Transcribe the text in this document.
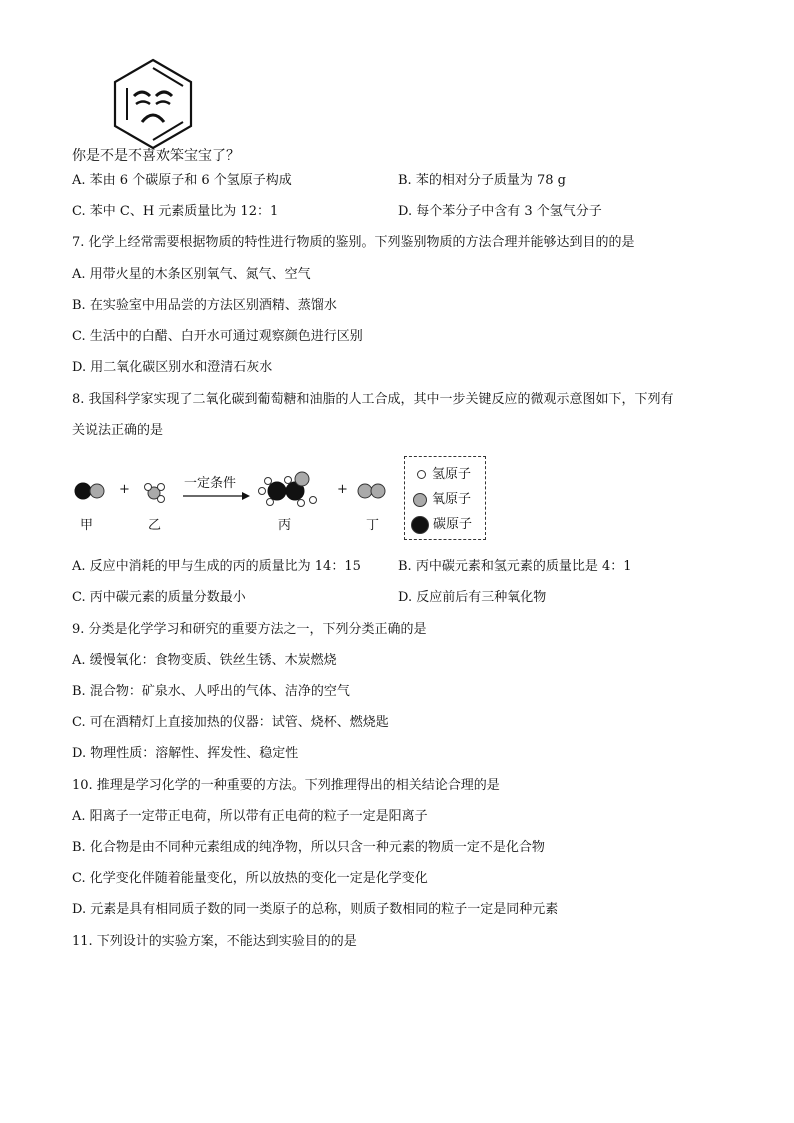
你是不是不喜欢笨宝宝了？
A. 苯由 6 个碳原子和 6 个氢原子构成	B. 苯的相对分子质量为 78 g
C. 苯中 C、H 元素质量比为 12：1	D. 每个苯分子中含有 3 个氢气分子
7. 化学上经常需要根据物质的特性进行物质的鉴别。下列鉴别物质的方法合理并能够达到目的的是
A. 用带火星的木条区别氧气、氮气、空气
B. 在实验室中用品尝的方法区别酒精、蒸馏水
C. 生活中的白醋、白开水可通过观察颜色进行区别
D. 用二氧化碳区别水和澄清石灰水
8. 我国科学家实现了二氧化碳到葡萄糖和油脂的人工合成，其中一步关键反应的微观示意图如下，下列有
关说法正确的是
+	+
一定条件
甲	乙	丙	丁
氢原子
氧原子
碳原子
A. 反应中消耗的甲与生成的丙的质量比为 14：15	B. 丙中碳元素和氢元素的质量比是 4：1
C. 丙中碳元素的质量分数最小	D. 反应前后有三种氧化物
9. 分类是化学学习和研究的重要方法之一，下列分类正确的是
A. 缓慢氧化：食物变质、铁丝生锈、木炭燃烧
B. 混合物：矿泉水、人呼出的气体、洁净的空气
C. 可在酒精灯上直接加热的仪器：试管、烧杯、燃烧匙
D. 物理性质：溶解性、挥发性、稳定性
10. 推理是学习化学的一种重要的方法。下列推理得出的相关结论合理的是
A. 阳离子一定带正电荷，所以带有正电荷的粒子一定是阳离子
B. 化合物是由不同种元素组成的纯净物，所以只含一种元素的物质一定不是化合物
C. 化学变化伴随着能量变化，所以放热的变化一定是化学变化
D. 元素是具有相同质子数的同一类原子的总称，则质子数相同的粒子一定是同种元素
11. 下列设计的实验方案，不能达到实验目的的是
